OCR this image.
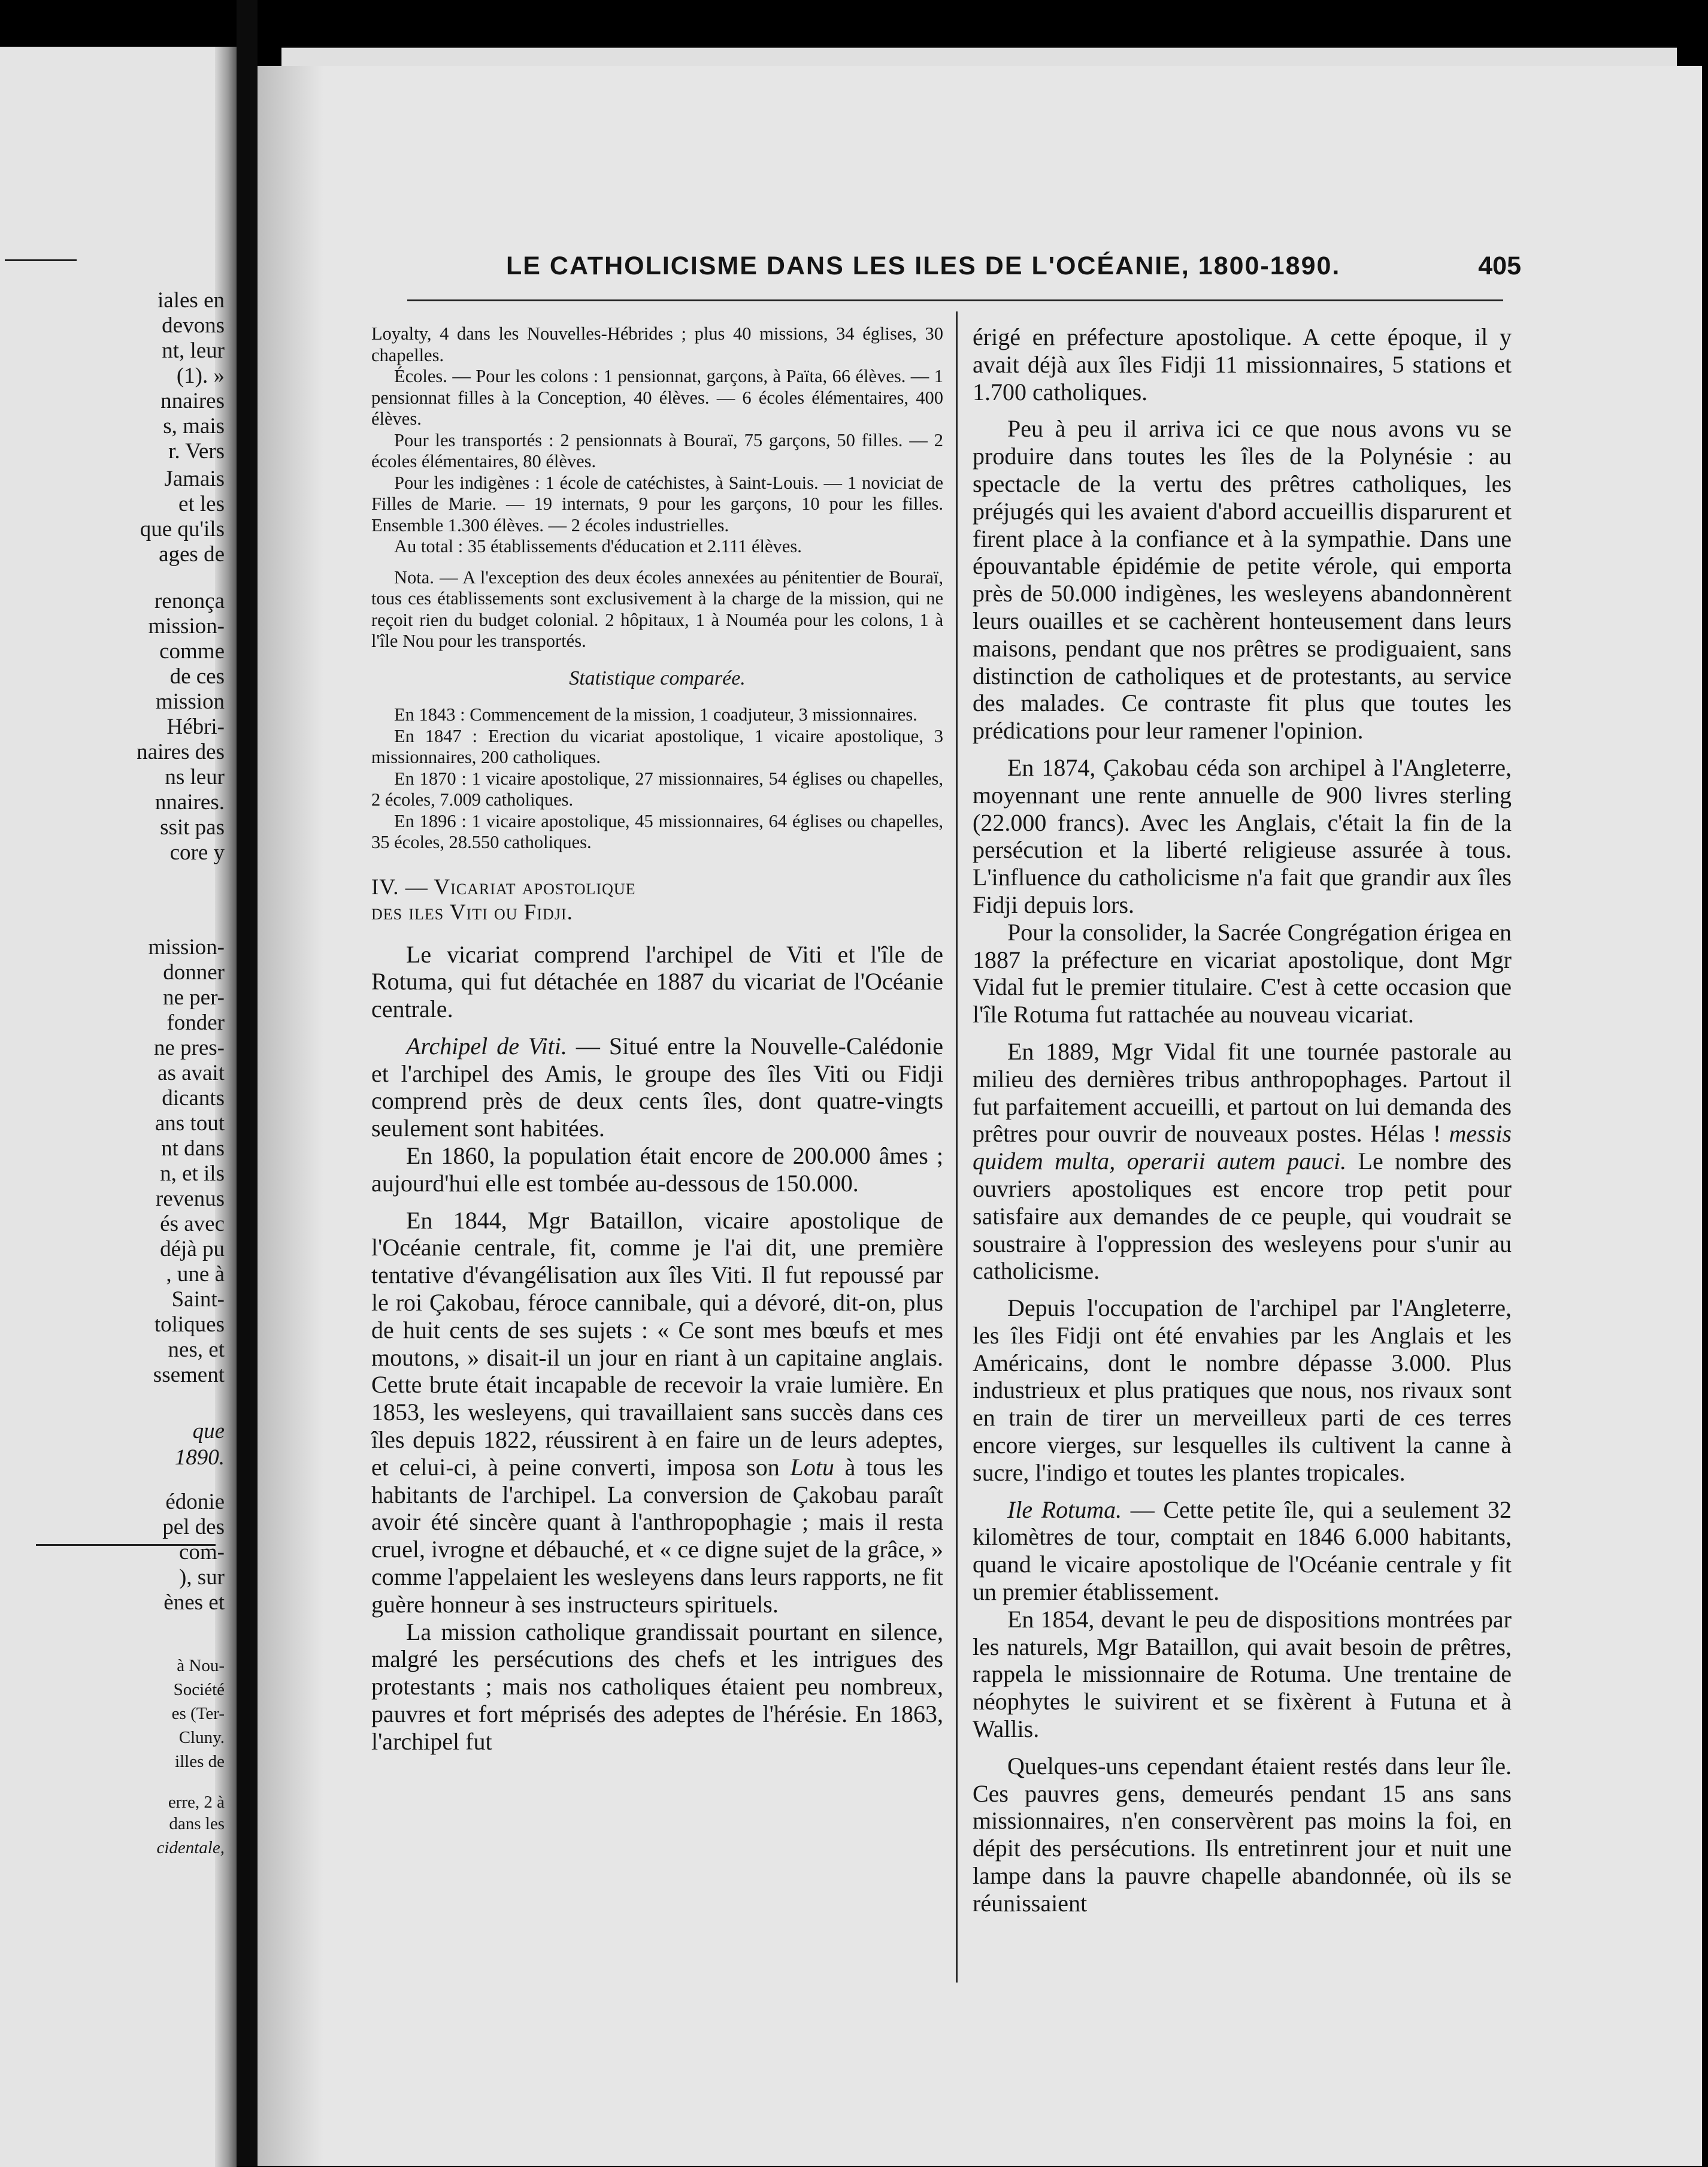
iales en
devons
nt, leur
(1). »
nnaires
s, mais
r. Vers
Jamais
et les
que qu'ils
ages de
renonça
mission-
comme
de ces
mission
Hébri-
naires des
ns leur
nnaires.
ssit pas
core y
mission-
donner
ne per-
fonder
ne pres-
as avait
dicants
ans tout
nt dans
n, et ils
revenus
és avec
déjà pu
, une à
Saint-
toliques
nes, et
ssement
que
1890.
édonie
pel des
com-
), sur
ènes et
à Nou-
Société
es (Ter-
Cluny.
illes de
erre, 2 à
dans les
cidentale,
LE CATHOLICISME DANS LES ILES DE L'OCÉANIE, 1800-1890.	405

Loyalty, 4 dans les Nouvelles-Hébrides ; plus 40 missions, 34 églises, 30 chapelles.

Écoles. — Pour les colons : 1 pensionnat, garçons, à Païta, 66 élèves. — 1 pensionnat filles à la Conception, 40 élèves. — 6 écoles élémentaires, 400 élèves.

Pour les transportés : 2 pensionnats à Bouraï, 75 garçons, 50 filles. — 2 écoles élémentaires, 80 élèves.

Pour les indigènes : 1 école de catéchistes, à Saint-Louis. — 1 noviciat de Filles de Marie. — 19 internats, 9 pour les garçons, 10 pour les filles. Ensemble 1.300 élèves. — 2 écoles industrielles.

Au total : 35 établissements d'éducation et 2.111 élèves.

Nota. — A l'exception des deux écoles annexées au pénitentier de Bouraï, tous ces établissements sont exclusivement à la charge de la mission, qui ne reçoit rien du budget colonial. 2 hôpitaux, 1 à Nouméa pour les colons, 1 à l'île Nou pour les transportés.

Statistique comparée.

En 1843 : Commencement de la mission, 1 coadjuteur, 3 missionnaires.

En 1847 : Erection du vicariat apostolique, 1 vicaire apostolique, 3 missionnaires, 200 catholiques.

En 1870 : 1 vicaire apostolique, 27 missionnaires, 54 églises ou chapelles, 2 écoles, 7.009 catholiques.

En 1896 : 1 vicaire apostolique, 45 missionnaires, 64 églises ou chapelles, 35 écoles, 28.550 catholiques.

IV. — Vicariat apostolique

des iles Viti ou Fidji.

Le vicariat comprend l'archipel de Viti et l'île de Rotuma, qui fut détachée en 1887 du vicariat de l'Océanie centrale.

Archipel de Viti. — Situé entre la Nouvelle-Calédonie et l'archipel des Amis, le groupe des îles Viti ou Fidji comprend près de deux cents îles, dont quatre-vingts seulement sont habitées.

En 1860, la population était encore de 200.000 âmes ; aujourd'hui elle est tombée au-dessous de 150.000.

En 1844, Mgr Bataillon, vicaire apostolique de l'Océanie centrale, fit, comme je l'ai dit, une première tentative d'évangélisation aux îles Viti. Il fut repoussé par le roi Çakobau, féroce cannibale, qui a dévoré, dit-on, plus de huit cents de ses sujets : « Ce sont mes bœufs et mes moutons, » disait-il un jour en riant à un capitaine anglais. Cette brute était incapable de recevoir la vraie lumière. En 1853, les wesleyens, qui travaillaient sans succès dans ces îles depuis 1822, réussirent à en faire un de leurs adeptes, et celui-ci, à peine converti, imposa son Lotu à tous les habitants de l'archipel. La conversion de Çakobau paraît avoir été sincère quant à l'anthropophagie ; mais il resta cruel, ivrogne et débauché, et « ce digne sujet de la grâce, » comme l'appelaient les wesleyens dans leurs rapports, ne fit guère honneur à ses instructeurs spirituels.

La mission catholique grandissait pourtant en silence, malgré les persécutions des chefs et les intrigues des protestants ; mais nos catholiques étaient peu nombreux, pauvres et fort méprisés des adeptes de l'hérésie. En 1863, l'archipel fut

érigé en préfecture apostolique. A cette époque, il y avait déjà aux îles Fidji 11 missionnaires, 5 stations et 1.700 catholiques.

Peu à peu il arriva ici ce que nous avons vu se produire dans toutes les îles de la Polynésie : au spectacle de la vertu des prêtres catholiques, les préjugés qui les avaient d'abord accueillis disparurent et firent place à la confiance et à la sympathie. Dans une épouvantable épidémie de petite vérole, qui emporta près de 50.000 indigènes, les wesleyens abandonnèrent leurs ouailles et se cachèrent honteusement dans leurs maisons, pendant que nos prêtres se prodiguaient, sans distinction de catholiques et de protestants, au service des malades. Ce contraste fit plus que toutes les prédications pour leur ramener l'opinion.

En 1874, Çakobau céda son archipel à l'Angleterre, moyennant une rente annuelle de 900 livres sterling (22.000 francs). Avec les Anglais, c'était la fin de la persécution et la liberté religieuse assurée à tous. L'influence du catholicisme n'a fait que grandir aux îles Fidji depuis lors.

Pour la consolider, la Sacrée Congrégation érigea en 1887 la préfecture en vicariat apostolique, dont Mgr Vidal fut le premier titulaire. C'est à cette occasion que l'île Rotuma fut rattachée au nouveau vicariat.

En 1889, Mgr Vidal fit une tournée pastorale au milieu des dernières tribus anthropophages. Partout il fut parfaitement accueilli, et partout on lui demanda des prêtres pour ouvrir de nouveaux postes. Hélas ! messis quidem multa, operarii autem pauci. Le nombre des ouvriers apostoliques est encore trop petit pour satisfaire aux demandes de ce peuple, qui voudrait se soustraire à l'oppression des wesleyens pour s'unir au catholicisme.

Depuis l'occupation de l'archipel par l'Angleterre, les îles Fidji ont été envahies par les Anglais et les Américains, dont le nombre dépasse 3.000. Plus industrieux et plus pratiques que nous, nos rivaux sont en train de tirer un merveilleux parti de ces terres encore vierges, sur lesquelles ils cultivent la canne à sucre, l'indigo et toutes les plantes tropicales.

Ile Rotuma. — Cette petite île, qui a seulement 32 kilomètres de tour, comptait en 1846 6.000 habitants, quand le vicaire apostolique de l'Océanie centrale y fit un premier établissement.

En 1854, devant le peu de dispositions montrées par les naturels, Mgr Bataillon, qui avait besoin de prêtres, rappela le missionnaire de Rotuma. Une trentaine de néophytes le suivirent et se fixèrent à Futuna et à Wallis.

Quelques-uns cependant étaient restés dans leur île. Ces pauvres gens, demeurés pendant 15 ans sans missionnaires, n'en conservèrent pas moins la foi, en dépit des persécutions. Ils entretinrent jour et nuit une lampe dans la pauvre chapelle abandonnée, où ils se réunissaient
